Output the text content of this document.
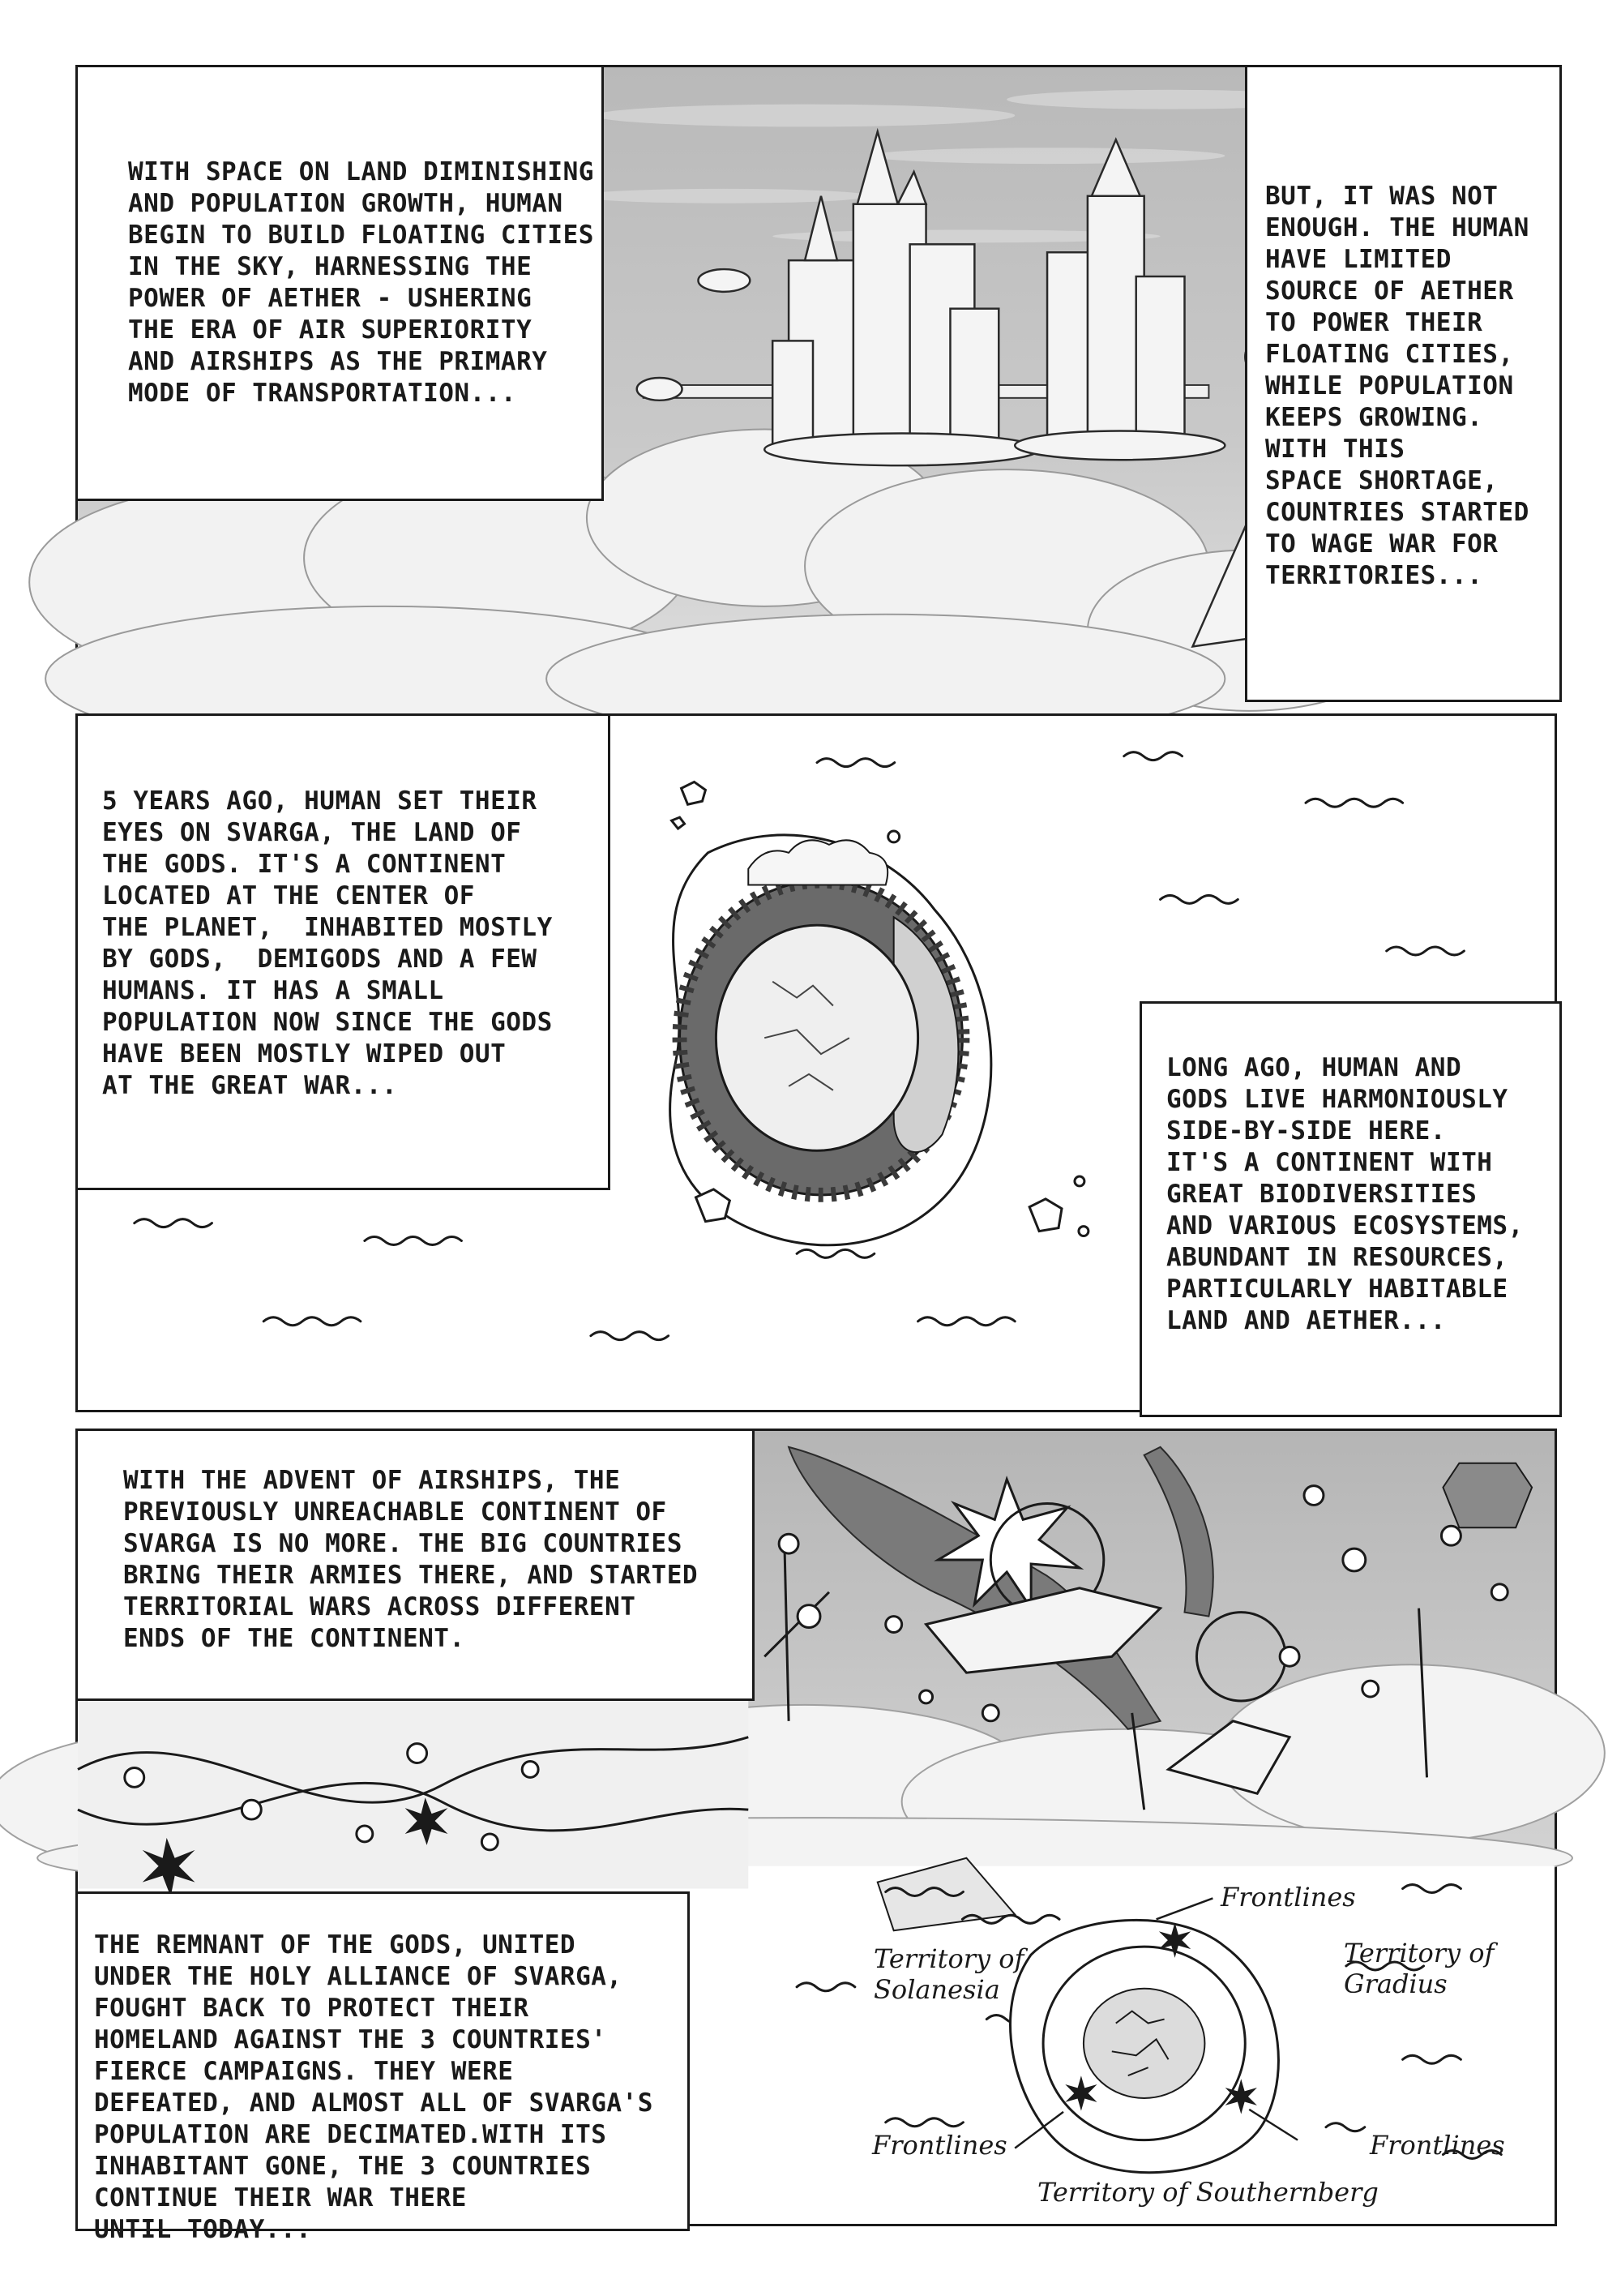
WITH SPACE ON LAND DIMINISHING
AND POPULATION GROWTH, HUMAN
BEGIN TO BUILD FLOATING CITIES
IN THE SKY, HARNESSING THE
POWER OF AETHER - USHERING
THE ERA OF AIR SUPERIORITY
AND AIRSHIPS AS THE PRIMARY
MODE OF TRANSPORTATION...
BUT, IT WAS NOT
ENOUGH. THE HUMAN
HAVE LIMITED
SOURCE OF AETHER
TO POWER THEIR
FLOATING CITIES,
WHILE POPULATION
KEEPS GROWING.
WITH THIS
SPACE SHORTAGE,
COUNTRIES STARTED
TO WAGE WAR FOR
TERRITORIES...
5 YEARS AGO, HUMAN SET THEIR
EYES ON SVARGA, THE LAND OF
THE GODS. IT'S A CONTINENT
LOCATED AT THE CENTER OF
THE PLANET,  INHABITED MOSTLY
BY GODS,  DEMIGODS AND A FEW
HUMANS. IT HAS A SMALL
POPULATION NOW SINCE THE GODS
HAVE BEEN MOSTLY WIPED OUT
AT THE GREAT WAR...
LONG AGO, HUMAN AND
GODS LIVE HARMONIOUSLY
SIDE-BY-SIDE HERE.
IT'S A CONTINENT WITH
GREAT BIODIVERSITIES
AND VARIOUS ECOSYSTEMS,
ABUNDANT IN RESOURCES,
PARTICULARLY HABITABLE
LAND AND AETHER...
WITH THE ADVENT OF AIRSHIPS, THE
PREVIOUSLY UNREACHABLE CONTINENT OF
SVARGA IS NO MORE. THE BIG COUNTRIES
BRING THEIR ARMIES THERE, AND STARTED
TERRITORIAL WARS ACROSS DIFFERENT
ENDS OF THE CONTINENT.
THE REMNANT OF THE GODS, UNITED
UNDER THE HOLY ALLIANCE OF SVARGA,
FOUGHT BACK TO PROTECT THEIR
HOMELAND AGAINST THE 3 COUNTRIES'
FIERCE CAMPAIGNS. THEY WERE
DEFEATED, AND ALMOST ALL OF SVARGA'S
POPULATION ARE DECIMATED.WITH ITS
INHABITANT GONE, THE 3 COUNTRIES
CONTINUE THEIR WAR THERE
UNTIL TODAY...
Frontlines
Territory of
Solanesia
Territory of
Gradius
Frontlines	Frontlines
Territory of Southernberg
